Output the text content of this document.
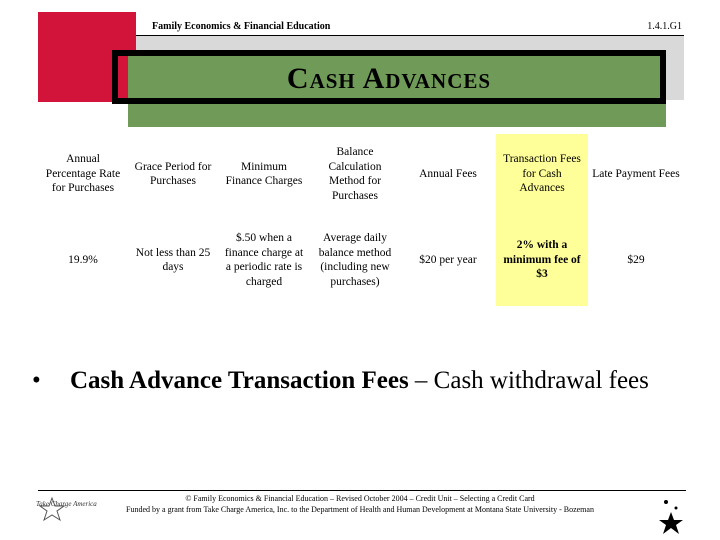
Family Economics & Financial Education	1.4.1.G1
Cash Advances
Annual Percentage Rate for Purchases	Grace Period for Purchases	Minimum Finance Charges	Balance Calculation Method for Purchases	Annual Fees	Transaction Fees for Cash Advances	Late Payment Fees
19.9%	Not less than 25 days	$.50 when a finance charge at a periodic rate is charged	Average daily balance method (including new purchases)	$20 per year	2% with a minimum fee of $3	$29
•	Cash Advance Transaction Fees – Cash withdrawal fees
Take Charge America
© Family Economics & Financial Education – Revised October 2004 – Credit Unit – Selecting a Credit Card
Funded by a grant from Take Charge America, Inc. to the Department of Health and Human Development at Montana State University - Bozeman
